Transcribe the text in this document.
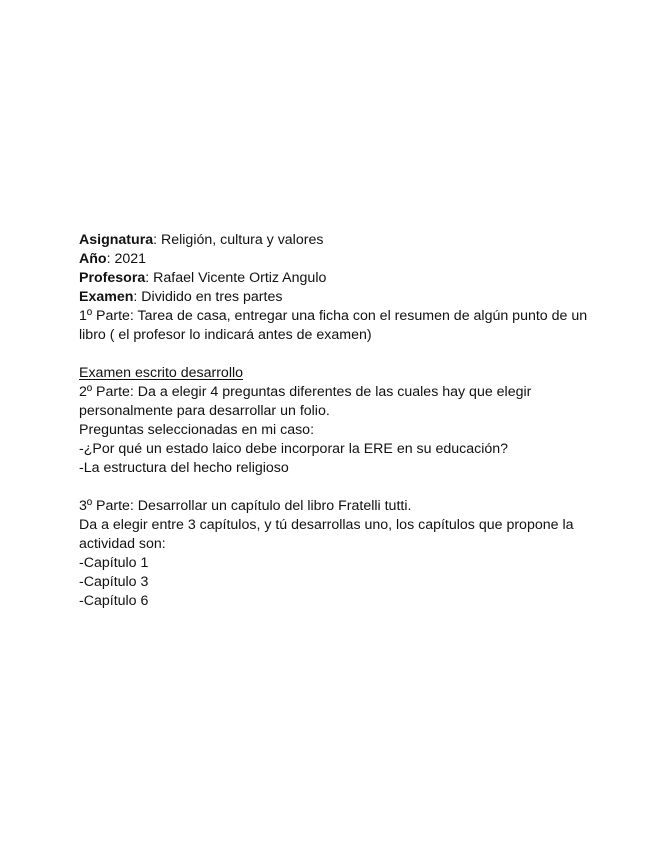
Asignatura: Religión, cultura y valores

Año: 2021

Profesora: Rafael Vicente Ortiz Angulo

Examen: Dividido en tres partes

1º Parte: Tarea de casa, entregar una ficha con el resumen de algún punto de un libro ( el profesor lo indicará antes de examen)

Examen escrito desarrollo

2º Parte: Da a elegir 4 preguntas diferentes de las cuales hay que elegir personalmente para desarrollar un folio.

Preguntas seleccionadas en mi caso:

-¿Por qué un estado laico debe incorporar la ERE en su educación?

-La estructura del hecho religioso

3º Parte: Desarrollar un capítulo del libro Fratelli tutti.

Da a elegir entre 3 capítulos, y tú desarrollas uno, los capítulos que propone la actividad son:

-Capítulo 1

-Capítulo 3

-Capítulo 6
